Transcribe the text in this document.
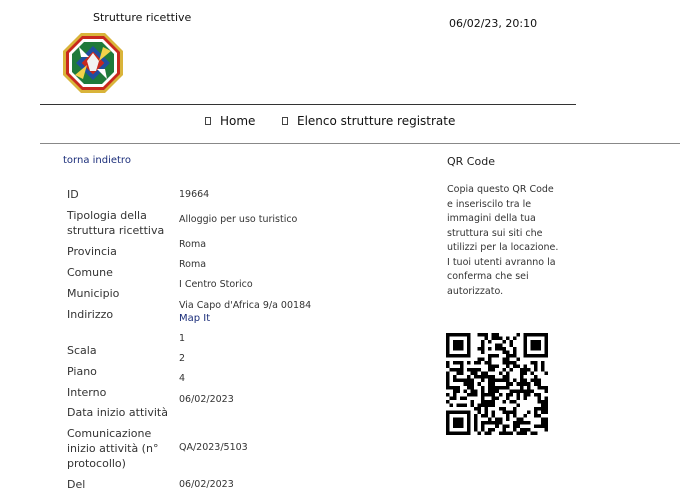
Strutture ricettive	06/02/23, 20:10
Home	Elenco strutture registrate
torna indietro
ID
Tipologia della struttura ricettiva
Provincia
Comune
Municipio
Indirizzo
Scala
Piano
Interno
Data inizio attività
Comunicazione inizio attività (n° protocollo)
Del
19664
Alloggio per uso turistico
Roma
Roma
I Centro Storico
Via Capo d'Africa 9/a 00184
Map It
1
2
4
06/02/2023
QA/2023/5103
06/02/2023
QR Code
Copia questo QR Code e inseriscilo tra le immagini della tua struttura sui siti che utilizzi per la locazione. I tuoi utenti avranno la conferma che sei autorizzato.
